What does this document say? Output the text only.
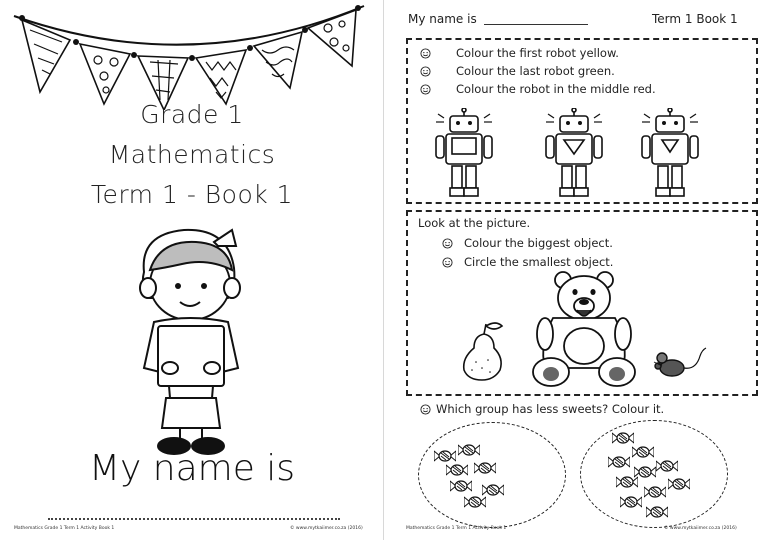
Grade 1
Mathematics
Term 1 - Book 1
My name is
Mathematics Grade 1 Term 1 Activity Book 1	© www.mytkaiimer.co.za (2016)
My name is	Term 1 Book 1
Colour the first robot yellow.
Colour the last robot green.
Colour the robot in the middle red.
Look at the picture.
Colour the biggest object.
Circle the smallest object.
Which group has less sweets? Colour it.
Mathematics Grade 1 Term 1 Activity Book 1	© www.mytkaiimer.co.za (2016)
